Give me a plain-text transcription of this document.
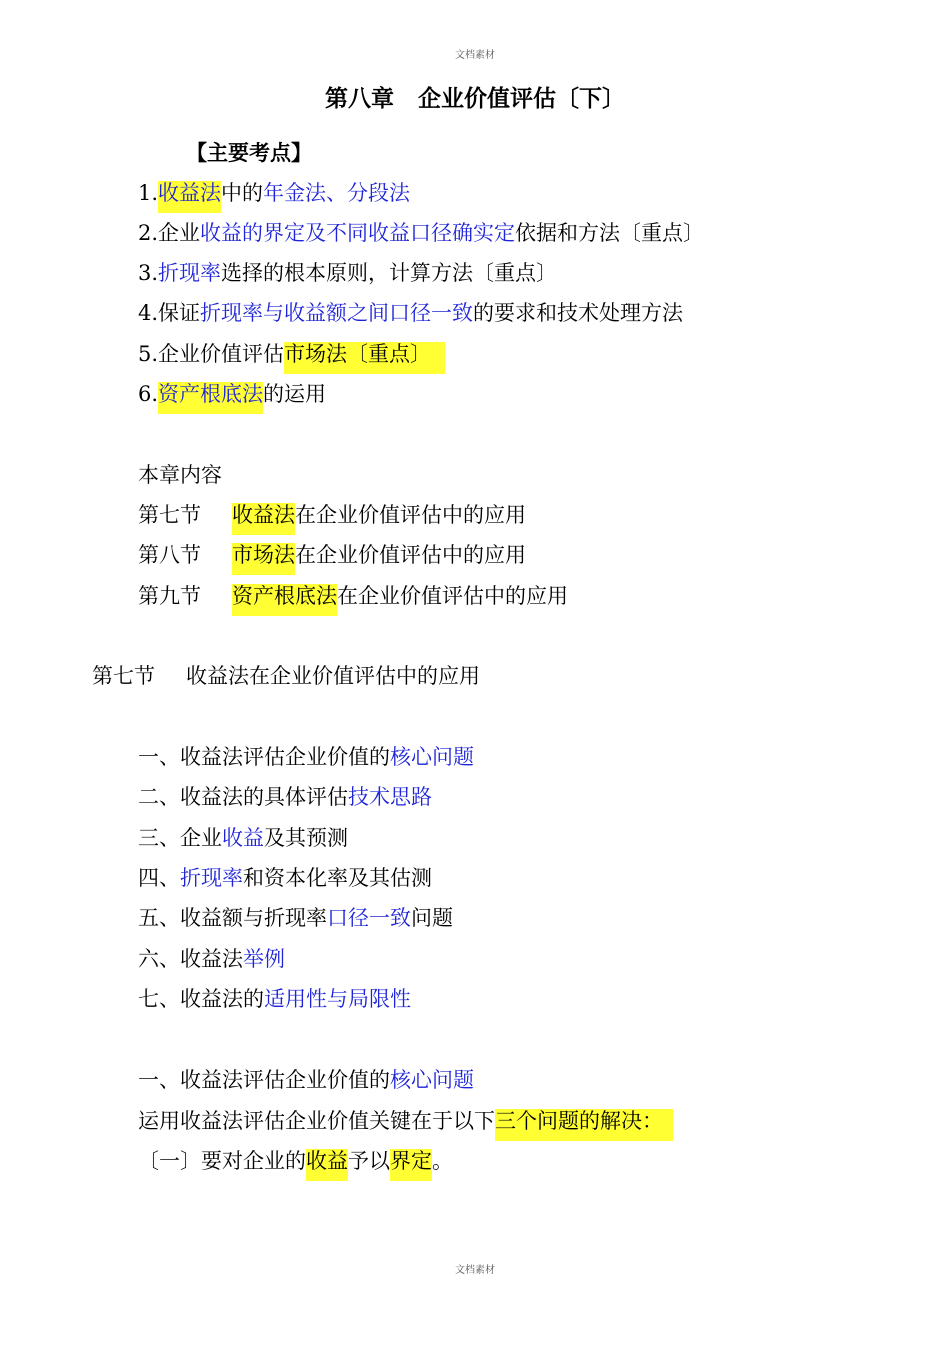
文档素材
第八章 企业价值评估〔下〕
【主要考点】
1.收益法中的年金法、分段法
2.企业收益的界定及不同收益口径确实定依据和方法〔重点〕
3.折现率选择的根本原则，计算方法〔重点〕
4.保证折现率与收益额之间口径一致的要求和技术处理方法
5.企业价值评估市场法〔重点〕
6.资产根底法的运用
本章内容
第七节 收益法在企业价值评估中的应用
第八节 市场法在企业价值评估中的应用
第九节 资产根底法在企业价值评估中的应用
第七节 收益法在企业价值评估中的应用
一、收益法评估企业价值的核心问题
二、收益法的具体评估技术思路
三、企业收益及其预测
四、折现率和资本化率及其估测
五、收益额与折现率口径一致问题
六、收益法举例
七、收益法的适用性与局限性
一、收益法评估企业价值的核心问题
运用收益法评估企业价值关键在于以下三个问题的解决：
〔一〕要对企业的收益予以界定。
文档素材
